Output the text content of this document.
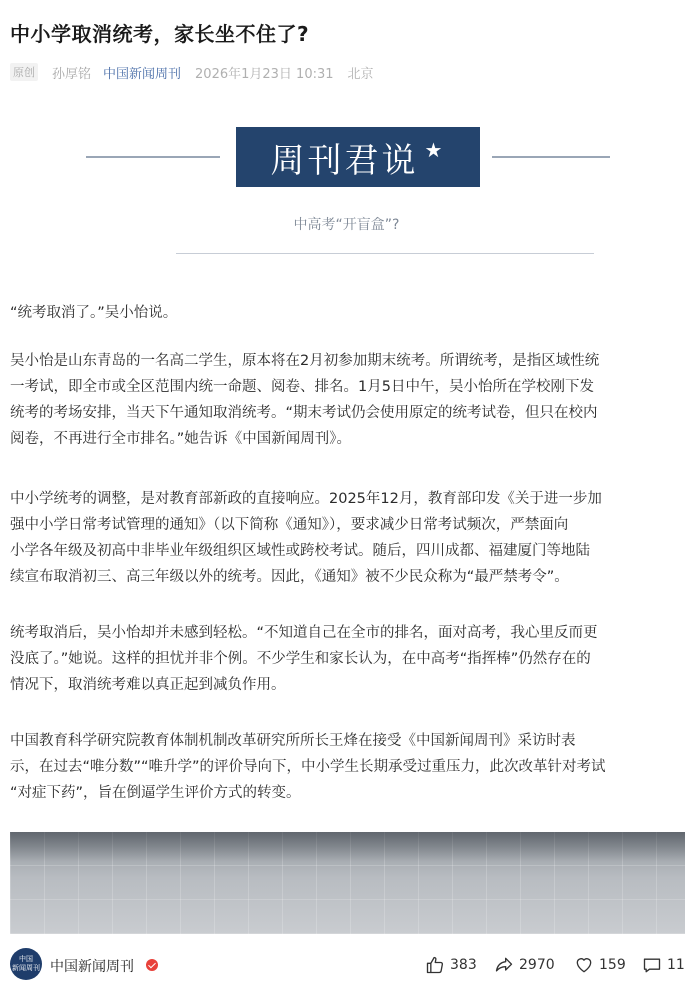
中小学取消统考，家长坐不住了?
原创 孙厚铭 中国新闻周刊 2026年1月23日 10:31 北京
周刊君说 ★
中高考“开盲盒”?
“统考取消了。”吴小怡说。
吴小怡是山东青岛的一名高二学生，原本将在2月初参加期末统考。所谓统考，是指区域性统
一考试，即全市或全区范围内统一命题、阅卷、排名。1月5日中午，吴小怡所在学校刚下发
统考的考场安排，当天下午通知取消统考。“期末考试仍会使用原定的统考试卷，但只在校内
阅卷，不再进行全市排名。”她告诉《中国新闻周刊》。
中小学统考的调整，是对教育部新政的直接响应。2025年12月，教育部印发《关于进一步加
强中小学日常考试管理的通知》（以下简称《通知》），要求减少日常考试频次，严禁面向
小学各年级及初高中非毕业年级组织区域性或跨校考试。随后，四川成都、福建厦门等地陆
续宣布取消初三、高三年级以外的统考。因此，《通知》被不少民众称为“最严禁考令”。
统考取消后，吴小怡却并未感到轻松。“不知道自己在全市的排名，面对高考，我心里反而更
没底了。”她说。这样的担忧并非个例。不少学生和家长认为，在中高考“指挥棒”仍然存在的
情况下，取消统考难以真正起到减负作用。
中国教育科学研究院教育体制机制改革研究所所长王烽在接受《中国新闻周刊》采访时表
示，在过去“唯分数”“唯升学”的评价导向下，中小学生长期承受过重压力，此次改革针对考试
“对症下药”，旨在倒逼学生评价方式的转变。
中国
新闻周刊 中国新闻周刊	383	2970	159	11
